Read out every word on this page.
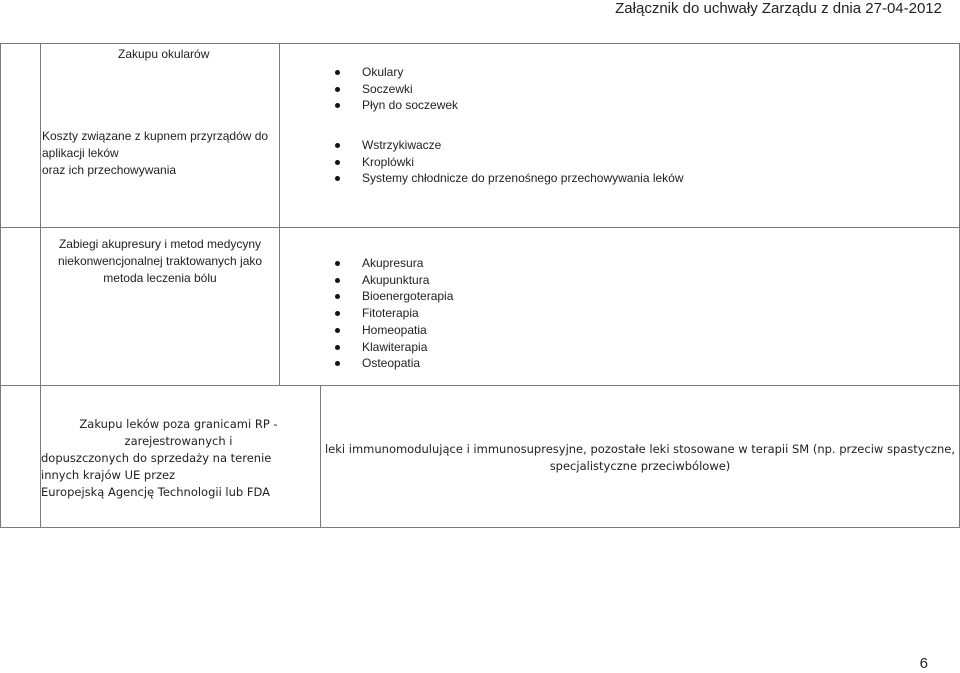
Załącznik do uchwały Zarządu z dnia 27-04-2012
Zakupu okularów
Okulary
Soczewki
Płyn do soczewek
Koszty związane z kupnem przyrządów do
aplikacji leków
oraz ich przechowywania
Wstrzykiwacze
Kroplówki
Systemy chłodnicze do przenośnego przechowywania leków
Zabiegi akupresury i metod medycyny
niekonwencjonalnej traktowanych jako
metoda leczenia bólu
Akupresura
Akupunktura
Bioenergoterapia
Fitoterapia
Homeopatia
Klawiterapia
Osteopatia
Zakupu leków poza granicami RP -
zarejestrowanych i
dopuszczonych do sprzedaży na terenie
innych krajów UE przez
Europejską Agencję Technologii lub FDA
leki immunomodulujące i immunosupresyjne, pozostałe leki stosowane w terapii SM (np. przeciw spastyczne,
specjalistyczne przeciwbólowe)
6
